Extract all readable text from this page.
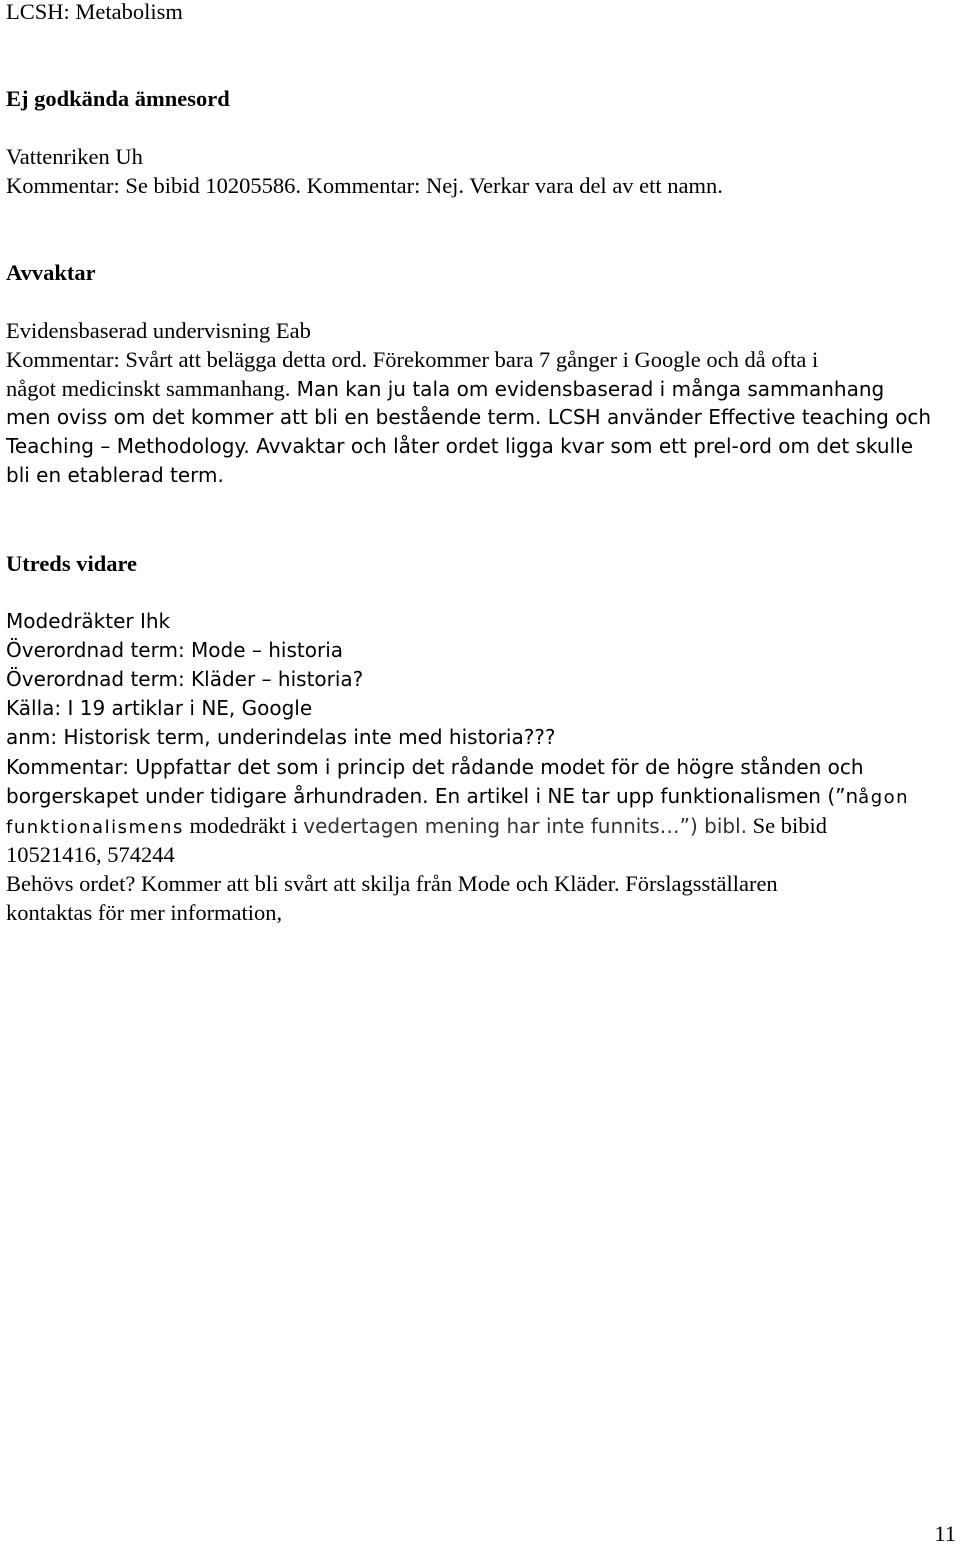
LCSH: Metabolism
Ej godkända ämnesord
Vattenriken Uh
Kommentar: Se bibid 10205586. Kommentar: Nej. Verkar vara del av ett namn.
Avvaktar
Evidensbaserad undervisning Eab
Kommentar: Svårt att belägga detta ord. Förekommer bara 7 gånger i Google och då ofta i
något medicinskt sammanhang. Man kan ju tala om evidensbaserad i många sammanhang
men oviss om det kommer att bli en bestående term. LCSH använder Effective teaching och
Teaching – Methodology. Avvaktar och låter ordet ligga kvar som ett prel-ord om det skulle
bli en etablerad term.
Utreds vidare
Modedräkter Ihk
Överordnad term: Mode – historia
Överordnad term: Kläder – historia?
Källa: I 19 artiklar i NE, Google
anm: Historisk term, underindelas inte med historia???
Kommentar: Uppfattar det som i princip det rådande modet för de högre stånden och
borgerskapet under tidigare århundraden. En artikel i NE tar upp funktionalismen (”någon
funktionalismens modedräkt i vedertagen mening har inte funnits…”) bibl. Se bibid
10521416, 574244
Behövs ordet? Kommer att bli svårt att skilja från Mode och Kläder. Förslagsställaren
kontaktas för mer information,
11
